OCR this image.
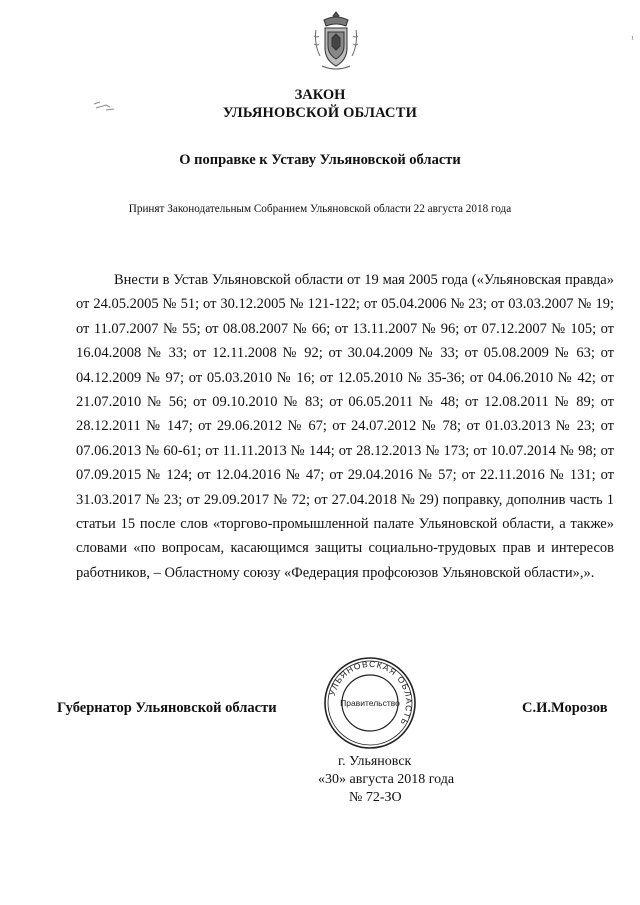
¹
ЗАКОН
УЛЬЯНОВСКОЙ ОБЛАСТИ
О поправке к Уставу Ульяновской области
Принят Законодательным Собранием Ульяновской области 22 августа 2018 года

Внести в Устав Ульяновской области от 19 мая 2005 года («Ульяновская правда» от 24.05.2005 № 51; от 30.12.2005 № 121-122; от 05.04.2006 № 23; от 03.03.2007 № 19; от 11.07.2007 № 55; от 08.08.2007 № 66; от 13.11.2007 № 96; от 07.12.2007 № 105; от 16.04.2008 № 33; от 12.11.2008 № 92; от 30.04.2009 № 33; от 05.08.2009 № 63; от 04.12.2009 № 97; от 05.03.2010 № 16; от 12.05.2010 № 35-36; от 04.06.2010 № 42; от 21.07.2010 № 56; от 09.10.2010 № 83; от 06.05.2011 № 48; от 12.08.2011 № 89; от 28.12.2011 № 147; от 29.06.2012 № 67; от 24.07.2012 № 78; от 01.03.2013 № 23; от 07.06.2013 № 60-61; от 11.11.2013 № 144; от 28.12.2013 № 173; от 10.07.2014 № 98; от 07.09.2015 № 124; от 12.04.2016 № 47; от 29.04.2016 № 57; от 22.11.2016 № 131; от 31.03.2017 № 23; от 29.09.2017 № 72; от 27.04.2018 № 29) поправку, дополнив часть 1 статьи 15 после слов «торгово-промышленной палате Ульяновской области, а также» словами «по вопросам, касающимся защиты социально-трудовых прав и интересов работников, – Областному союзу «Федерация профсоюзов Ульяновской области»,».

Губернатор Ульяновской области	С.И.Морозов
УЛЬЯНОВСКАЯ ОБЛАСТЬ
Правительство
г. Ульяновск
«30» августа 2018 года
№ 72-ЗО
